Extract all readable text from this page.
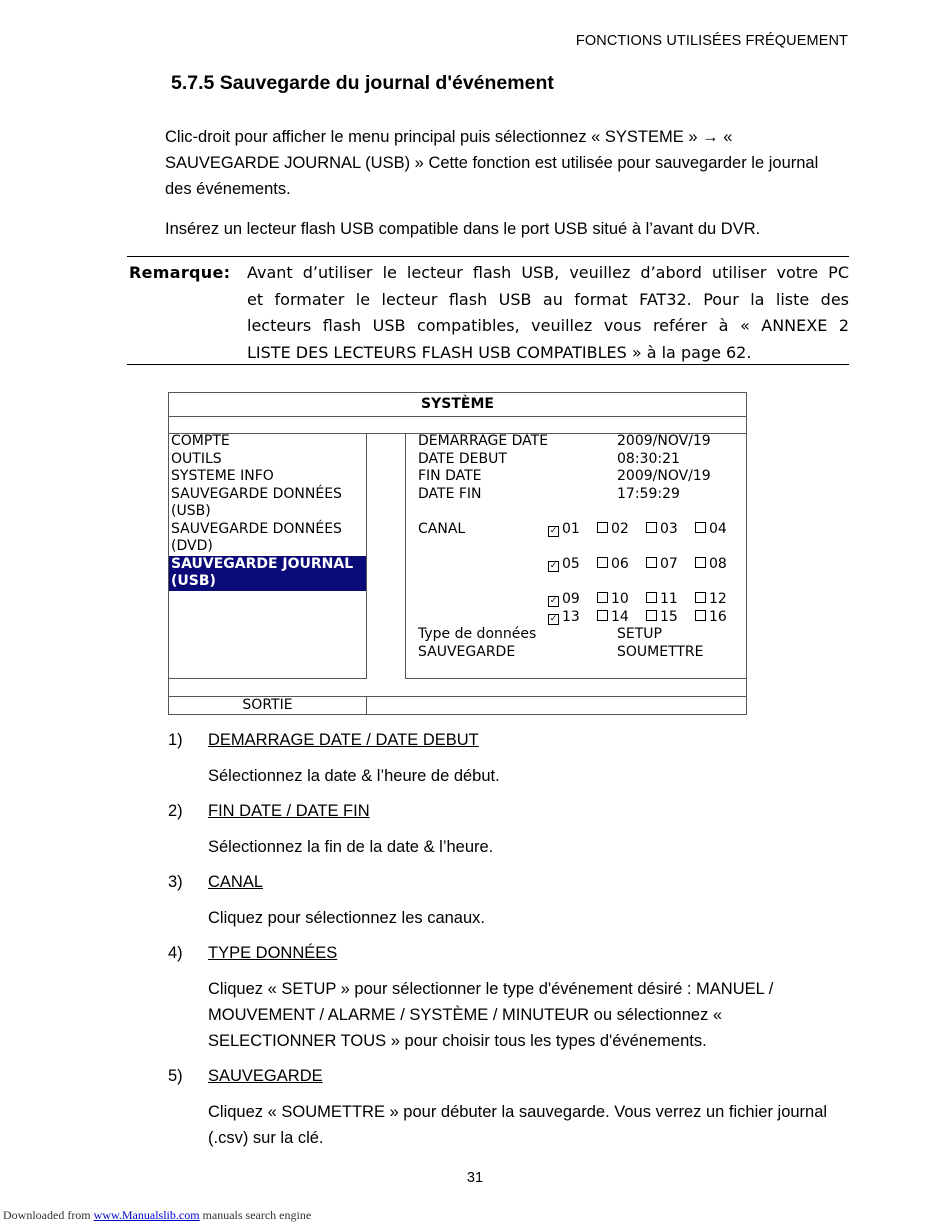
FONCTIONS UTILISÉES FRÉQUEMENT
5.7.5 Sauvegarde du journal d'événement

Clic-droit pour afficher le menu principal puis sélectionnez « SYSTEME » → « SAUVEGARDE JOURNAL (USB) » Cette fonction est utilisée pour sauvegarder le journal des événements.

Insérez un lecteur flash USB compatible dans le port USB situé à l’avant du DVR.

Remarque: Avant d’utiliser le lecteur flash USB, veuillez d’abord utiliser votre PC
et formater le lecteur flash USB au format FAT32. Pour la liste des
lecteurs flash USB compatibles, veuillez vous reférer à « ANNEXE 2
LISTE DES LECTEURS FLASH USB COMPATIBLES » à la page 62.
SYSTÈME
COMPTE
OUTILS
SYSTEME INFO
SAUVEGARDE DONNÉES (USB)
SAUVEGARDE DONNÉES (DVD)
SAUVEGARDE JOURNAL (USB)
DEMARRAGE DATE	2009/NOV/19
DATE DEBUT	08:30:21
FIN DATE	2009/NOV/19
DATE FIN	17:59:29
CANAL	✓ 01 02 03 04
✓ 05 06 07 08
✓ 09 10 11 12
✓ 13 14 15 16
Type de données	SETUP
SAUVEGARDE	SOUMETTRE
SORTIE
1) DEMARRAGE DATE / DATE DEBUT
Sélectionnez la date & l’heure de début.
2) FIN DATE / DATE FIN
Sélectionnez la fin de la date & l’heure.
3) CANAL
Cliquez pour sélectionnez les canaux.
4) TYPE DONNÉES
Cliquez « SETUP » pour sélectionner le type d'événement désiré : MANUEL / MOUVEMENT / ALARME / SYSTÈME / MINUTEUR ou sélectionnez « SELECTIONNER TOUS » pour choisir tous les types d'événements.
5) SAUVEGARDE
Cliquez « SOUMETTRE » pour débuter la sauvegarde. Vous verrez un fichier journal (.csv) sur la clé.
31
Downloaded from www.Manualslib.com manuals search engine
